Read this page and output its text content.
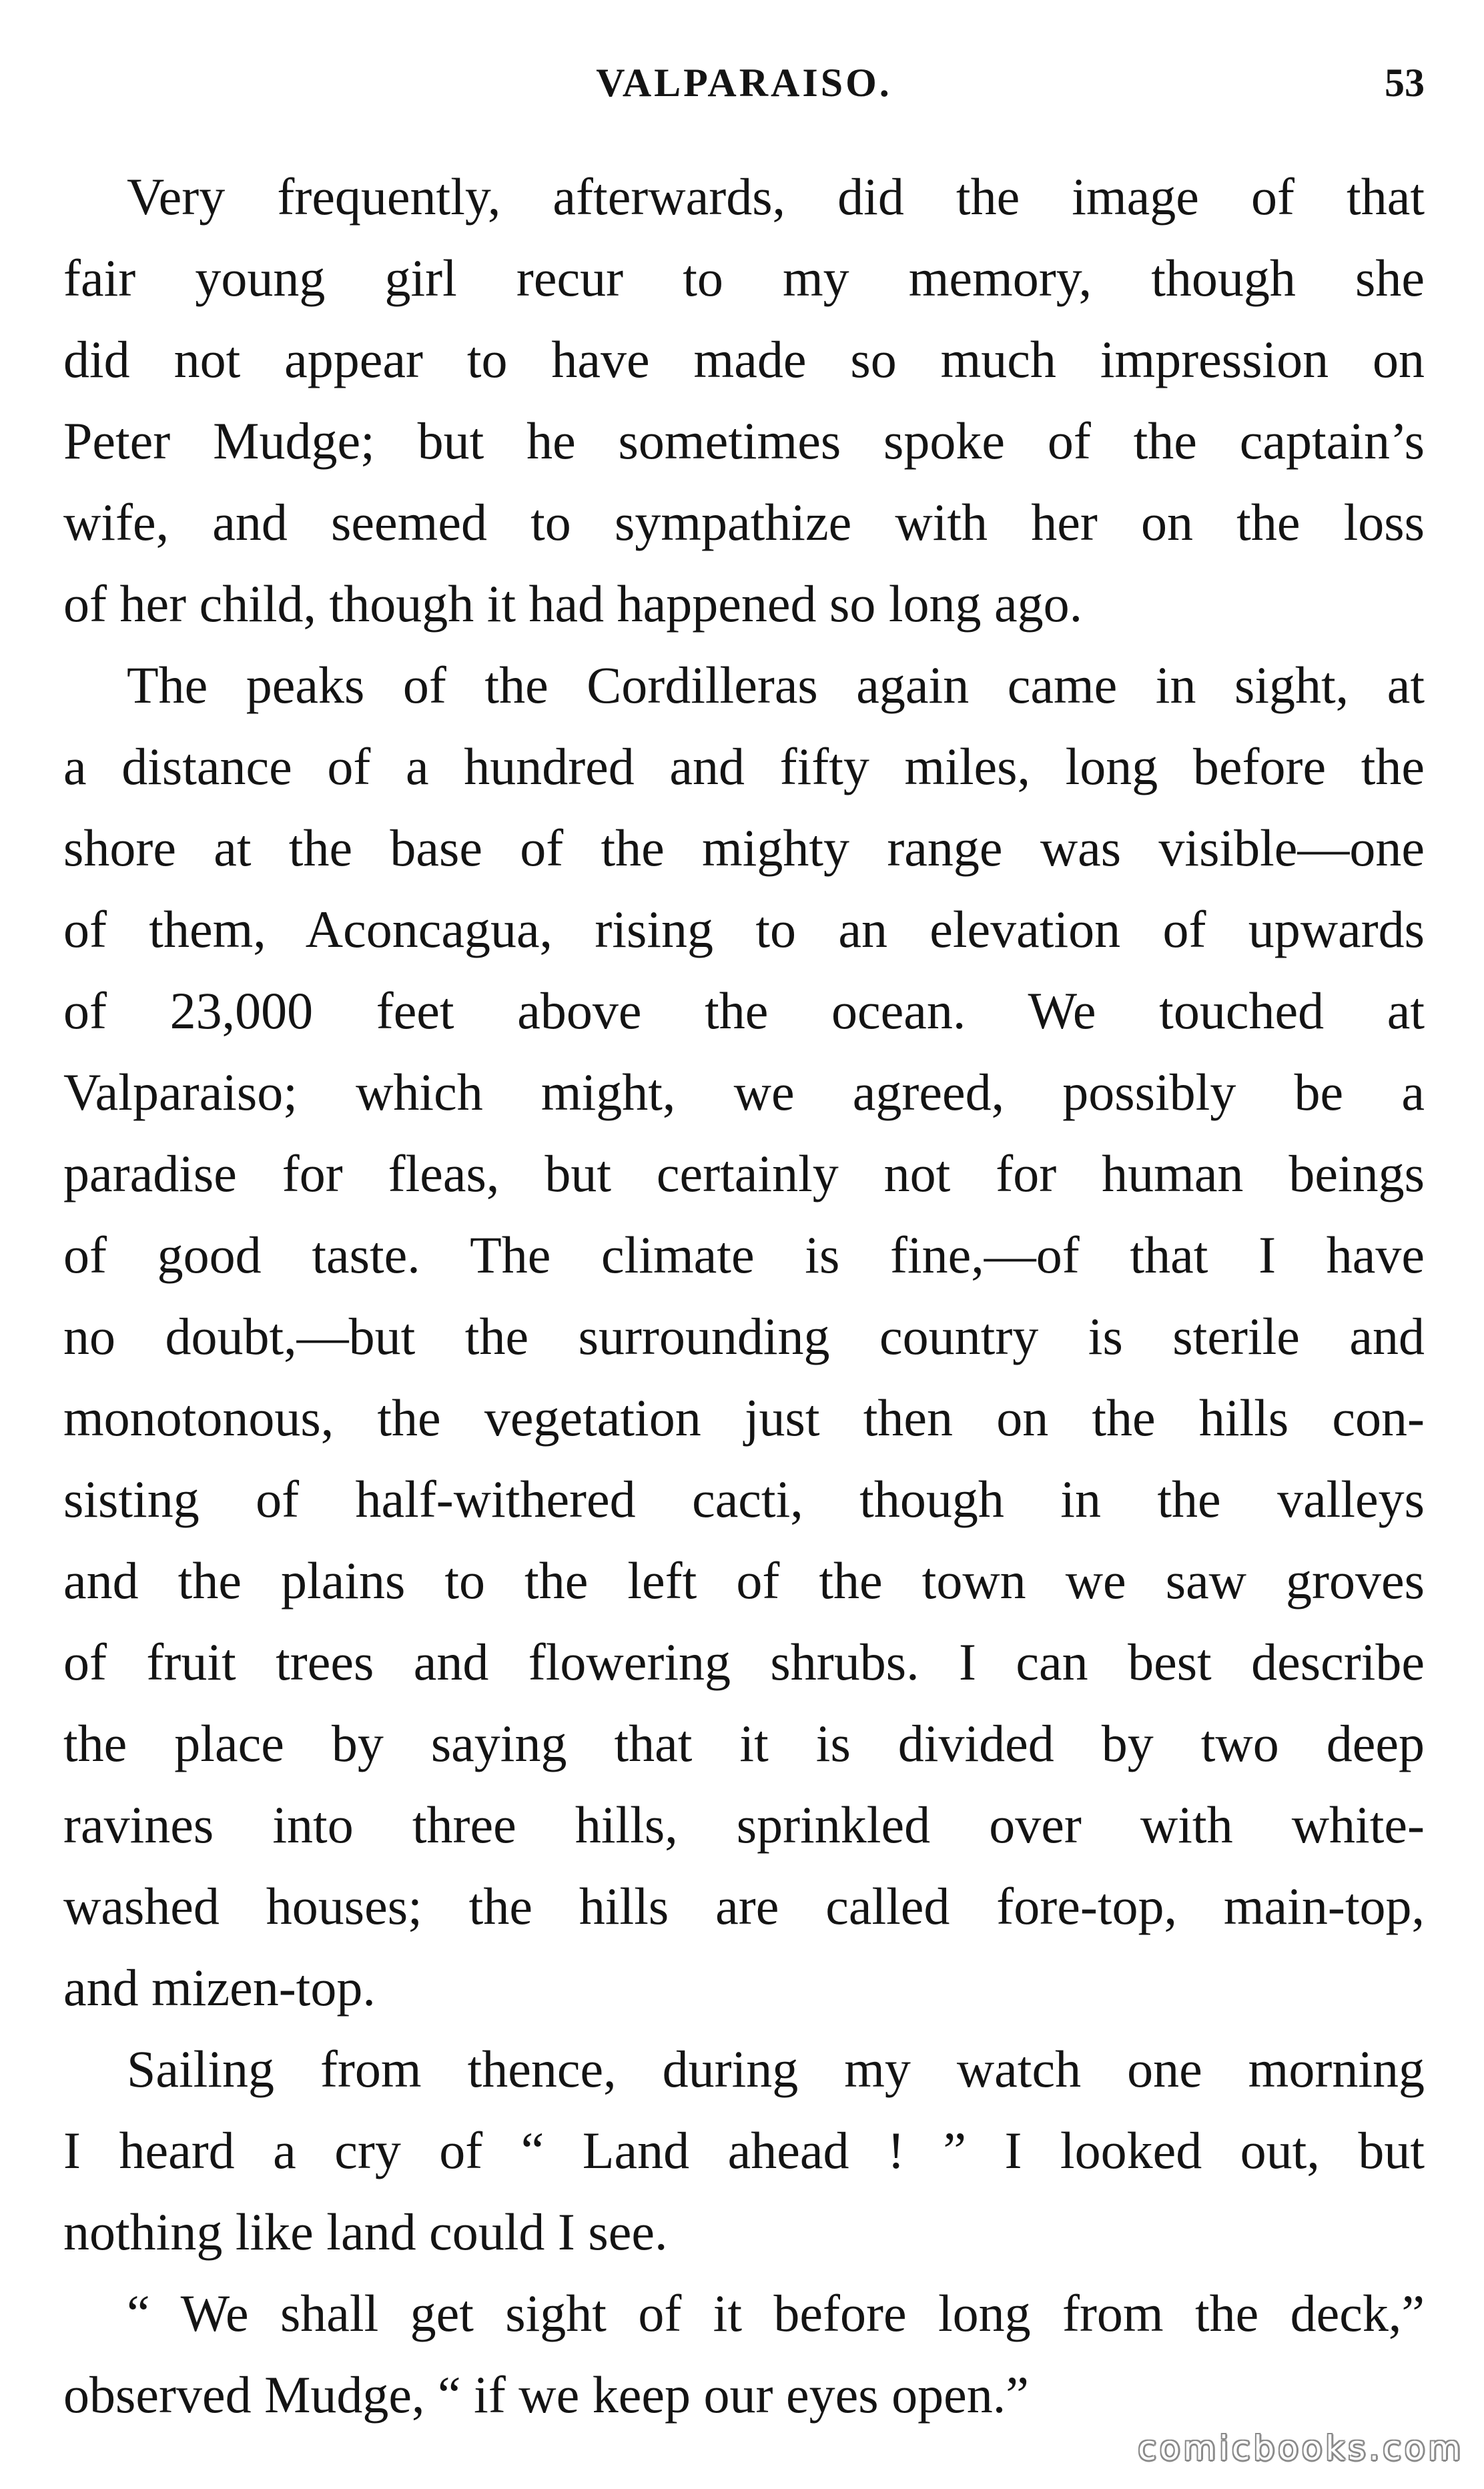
VALPARAISO.	53
Very frequently, afterwards, did the image of that
fair young girl recur to my memory, though she
did not appear to have made so much impression on
Peter Mudge; but he sometimes spoke of the captain’s
wife, and seemed to sympathize with her on the loss
of her child, though it had happened so long ago.
The peaks of the Cordilleras again came in sight, at
a distance of a hundred and fifty miles, long before the
shore at the base of the mighty range was visible—one
of them, Aconcagua, rising to an elevation of upwards
of 23,000 feet above the ocean. We touched at
Valparaiso; which might, we agreed, possibly be a
paradise for fleas, but certainly not for human beings
of good taste. The climate is fine,—of that I have
no doubt,—but the surrounding country is sterile and
monotonous, the vegetation just then on the hills con-
sisting of half-withered cacti, though in the valleys
and the plains to the left of the town we saw groves
of fruit trees and flowering shrubs. I can best describe
the place by saying that it is divided by two deep
ravines into three hills, sprinkled over with white-
washed houses; the hills are called fore-top, main-top,
and mizen-top.
Sailing from thence, during my watch one morning
I heard a cry of “ Land ahead ! ” I looked out, but
nothing like land could I see.
“ We shall get sight of it before long from the deck,”
observed Mudge, “ if we keep our eyes open.”
comicbooks.com
